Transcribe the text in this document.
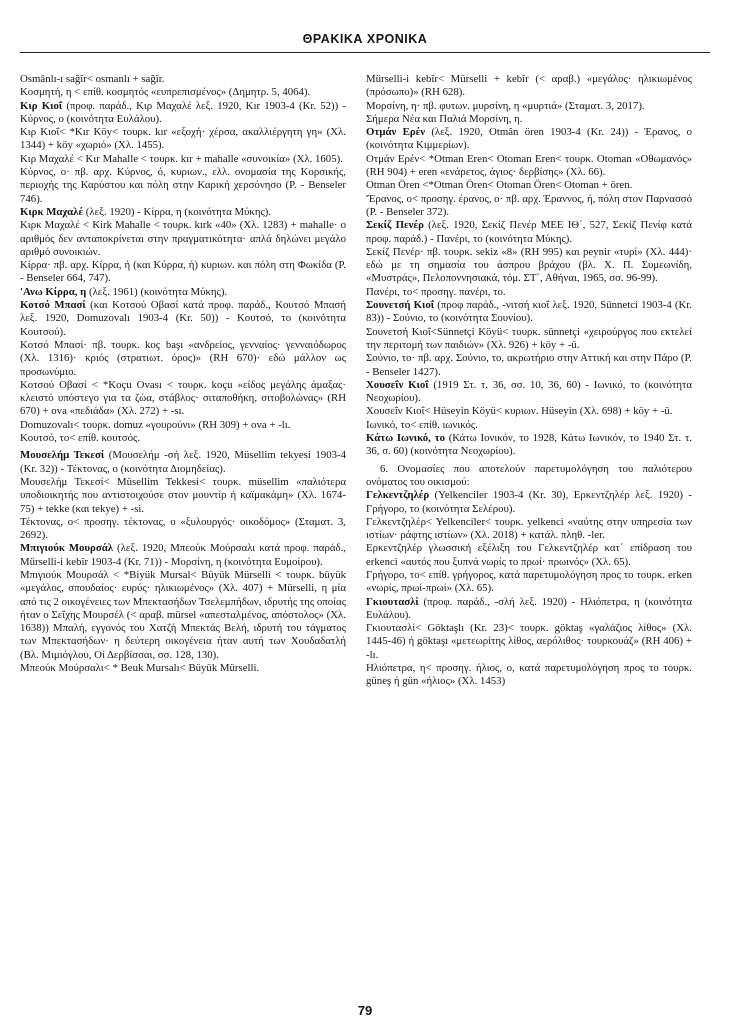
ΘΡΑΚΙΚΑ ΧΡΟΝΙΚΑ

Osmânlı-ı sağîr< osmanlı + sağîr.

Κοσμητή, η < επίθ. κοσμητός «ευπρεπισμένος» (Δημητρ. 5, 4064).

Κιρ Κιοΐ (προφ. παράδ., Κιρ Μαχαλέ λεξ. 1920, Kır 1903-4 (Kr. 52)) - Κύρνος, ο (κοινότητα Ευλάλου).

Κιρ Κιοΐ< *Kır Köy< τουρκ. kır «εξοχή· χέρσα, ακαλλιέργητη γη» (Χλ. 1344) + köy «χωριό» (Χλ. 1455).

Κιρ Μαχαλέ < Kır Mahalle < τουρκ. kır + mahalle «συνοικία» (Χλ. 1605).

Κύρνος, ο· πβ. αρχ. Κύρνος, ό, κυριων., ελλ. ονομασία της Κορσικής, περιοχής της Καρύστου και πόλη στην Καρική χερσόνησο (P. - Benseler 746).

Κιρκ Μαχαλέ (λεξ. 1920) - Κίρρα, η (κοινότητα Μύκης).

Κιρκ Μαχαλέ < Kirk Mahalle < τουρκ. kırk «40» (Χλ. 1283) + mahalle· ο αριθμός δεν ανταποκρίνεται στην πραγματικότητα· απλά δηλώνει μεγάλο αριθμό συνοικιών.

Κίρρα· πβ. αρχ. Κίρρα, ή (και Κύρρα, ή) κυριων. και πόλη στη Φωκίδα (P. - Benseler 664, 747).

'Ανω Κίρρα, η (λεξ. 1961) (κοινότητα Μύκης).

Κοτσό Μπασί (και Κοτσού Οβασί κατά προφ. παράδ., Κουτσό Μπασή λεξ. 1920, Domuzovalı 1903-4 (Kr. 50)) - Κουτσό, το (κοινότητα Κουτσού).

Κοτσό Μπασί· πβ. τουρκ. koç başı «ανδρείος, γενναίος· γενναιόδωρος (Χλ. 1316)· κριός (στρατιωτ. όρος)» (RH 670)· εδώ μάλλον ως προσωνύμιο.

Κοτσού Οβασί < *Koçu Ovası < τουρκ. koçu «είδος μεγάλης άμαξας· κλειστό υπόστεγο για τα ζώα, στάβλος· σιταποθήκη, σιτοβολώνας» (RH 670) + ova «πεδιάδα» (Χλ. 272) + -sı.

Domuzovalı< τουρκ. domuz «γουρούνι» (RH 309) + ova + -lı.

Κουτσό, το< επίθ. κουτσός.

Μουσελήμ Τεκεσί (Μουσελήμ -σή λεξ. 1920, Müsellim tekyesi 1903-4 (Kr. 32)) - Τέκτονας, ο (κοινότητα Διομηδείας).

Μουσελήμ Τεκεσί< Müsellim Tekkesi< τουρκ. müsellim «παλιότερα υποδιοικητής που αντιστοιχούσε στον μουντίρ ή καϊμακάμη» (Χλ. 1674-75) + tekke (και tekye) + -si.

Τέκτονας, ο< προσηγ. τέκτονας, ο «ξυλουργός· οικοδόμος» (Σταματ. 3, 2692).

Μπιγιούκ Μουρσάλ (λεξ. 1920, Μπεούκ Μούρσαλι κατά προφ. παράδ., Mürselli-i kebîr 1903-4 (Kr. 71)) - Μορσίνη, η (κοινότητα Ευμοίρου).

Μπιγιούκ Μουρσάλ < *Biyük Mursal< Büyük Mürselli < τουρκ. büyük «μεγάλος, σπουδαίος· ευρύς· ηλικιωμένος» (Χλ. 407) + Mürselli, η μία από τις 2 οικογένειες των Μπεκτασήδων Τσελεμπήδων, ιδρυτής της οποίας ήταν ο Σεΐχης Μουρσέλ (< αραβ. mürsel «απεσταλμένος, απόστολος» (Χλ. 1638)) Μπαλή, εγγονός του Χατζή Μπεκτάς Βελή, ιδρυτή του τάγματος των Μπεκτασήδων· η δεύτερη οικογένεια ήταν αυτή των Χουδαδατλή (Βλ. Μιμιόγλου, Οί Δερβίσσαι, σσ. 128, 130).

Μπεούκ Μούρσαλι< * Beuk Mursalı< Büyük Mürselli.

Mürselli-i kebîr< Mürselli + kebîr (< αραβ.) «μεγάλος· ηλικιωμένος (πρόσωπο)» (RH 628).

Μορσίνη, η· πβ. φυτων. μυρσίνη, η «μυρτιά» (Σταματ. 3, 2017).

Σήμερα Νέα και Παλιά Μορσίνη, η.

Οτμάν Ερέν (λεξ. 1920, Otmân ören 1903-4 (Kr. 24)) - Έρανος, ο (κοινότητα Κιμμερίων).

Οτμάν Ερέν< *Otman Eren< Otoman Eren< τουρκ. Otoman «Οθωμανός» (RH 904) + eren «ενάρετος, άγιος· δερβίσης» (Χλ. 66).

Otman Ören <*Otman Ören< Otoman Ören< Otoman + ören.

'Έρανος, ο< προσηγ. έρανος, ο· πβ. αρχ. Έραννος, ή, πόλη στον Παρνασσό (P. - Benseler 372).

Σεκίζ Πενέρ (λεξ. 1920, Σεκίζ Πενέρ ΜΕΕ ΙΘ΄, 527, Σεκίζ Πενίφ κατά προφ. παράδ.) - Πανέρι, το (κοινότητα Μύκης).

Σεκίζ Πενέρ· πβ. τουρκ. sekiz «8» (RH 995) και peynir «τυρί» (Χλ. 444)· εδώ με τη σημασία του άσπρου βράχου (βλ. Χ. Π. Συμεωνίδη, «Μυστράς», Πελοποννησιακά, τόμ. ΣΤ΄, Αθήναι, 1965, σσ. 96-99).

Πανέρι, το< προσηγ. πανέρι, το.

Σουνετσή Κιοΐ (προφ παράδ., -νιτσή κιοΐ λεξ. 1920, Sünnetci 1903-4 (Kr. 83)) - Σούνιο, το (κοινότητα Σουνίου).

Σουνετσή Κιοΐ<Sünnetçi Köyü< τουρκ. sünnetçi «χειρούργος που εκτελεί την περιτομή των παιδιών» (Χλ. 926) + köy + -ü.

Σούνιο, το· πβ. αρχ. Σούνιο, το, ακρωτήριο στην Αττική και στην Πάρο (P. - Benseler 1427).

Χουσεΐν Κιοΐ (1919 Στ. τ. 36, σσ. 10, 36, 60) - Ιωνικό, το (κοινότητα Νεοχωρίου).

Χουσεΐν Κιοΐ< Hüseyin Köyü< κυριων. Hüseyin (Χλ. 698) + köy + -ü.

Ιωνικό, το< επίθ. ιωνικός.

Κάτω Ιωνικό, το (Κάτω Ιονικόν, το 1928, Κάτω Ιωνικόν, το 1940 Στ. τ. 36, σ. 60) (κοινότητα Νεοχωρίου).

6. Ονομασίες που αποτελούν παρετυμολόγηση του παλιότερου ονόματος του οικισμού:

Γελκεντζηλέρ (Yelkenciler 1903-4 (Kr. 30), Ερκεντζηλέρ λεξ. 1920) - Γρήγορο, το (κοινότητα Σελέρου).

Γελκεντζηλέρ< Yelkenciler< τουρκ. yelkenci «ναύτης στην υπηρεσία των ιστίων· ράφτης ιστίων» (Χλ. 2018) + κατάλ. πληθ. -ler.

Ερκεντζηλέρ γλωσσική εξέλιξη του Γελκεντζηλέρ κατ΄ επίδραση του erkenci «αυτός που ξυπνά νωρίς το πρωί· πρωινός» (Χλ. 65).

Γρήγορο, το< επίθ. γρήγορος, κατά παρετυμολόγηση προς το τουρκ. erken «νωρίς, πρωί-πρωί» (Χλ. 65).

Γκιουτασλί (προφ. παράδ., -σλή λεξ. 1920) - Ηλιόπετρα, η (κοινότητα Ευλάλου).

Γκιουτασλί< Göktaşlı (Kr. 23)< τουρκ. göktaş «γαλάζιος λίθος» (Χλ. 1445-46) ή göktaşı «μετεωρίτης λίθος, αερόλιθος· τουρκουάζ» (RH 406) + -lı.

Ηλιόπετρα, η< προσηγ. ήλιος, ο, κατά παρετυμολόγηση προς το τουρκ. güneş ή gün «ήλιος» (Χλ. 1453)

79
